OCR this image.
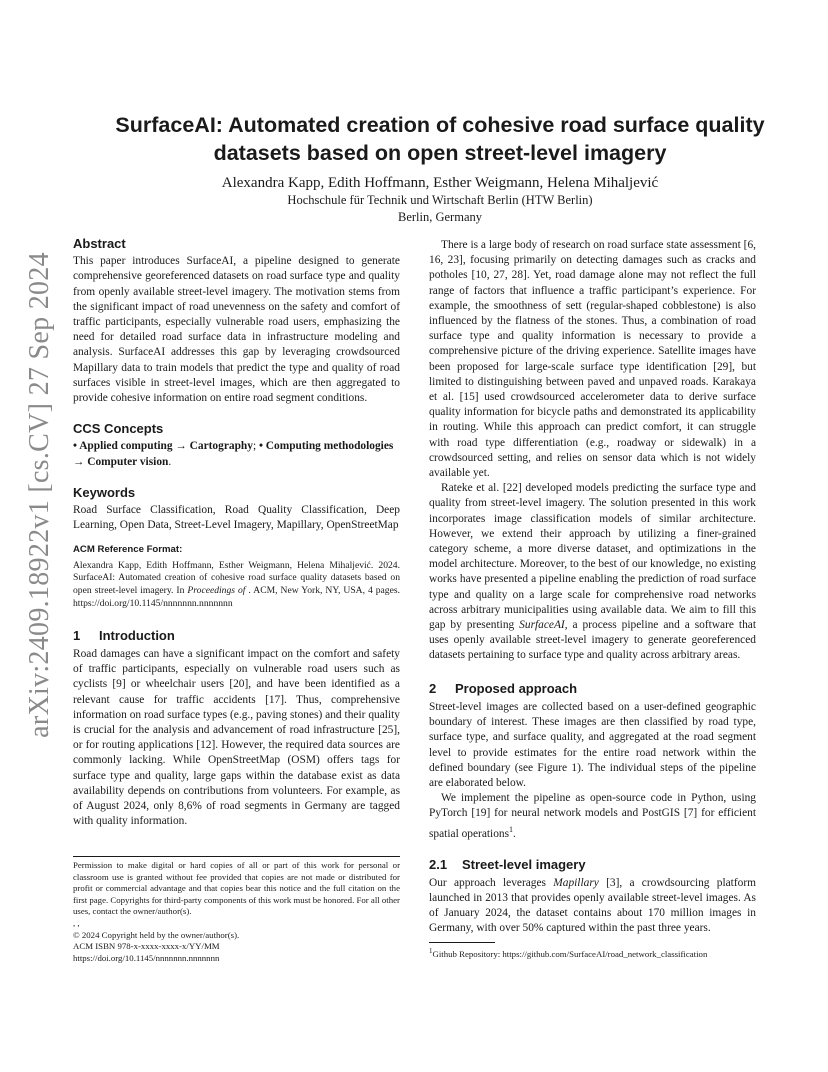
arXiv:2409.18922v1 [cs.CV] 27 Sep 2024
SurfaceAI: Automated creation of cohesive road surface quality
datasets based on open street-level imagery

Alexandra Kapp, Edith Hoffmann, Esther Weigmann, Helena Mihaljević

Hochschule für Technik und Wirtschaft Berlin (HTW Berlin)

Berlin, Germany

Abstract

This paper introduces SurfaceAI, a pipeline designed to generate comprehensive georeferenced datasets on road surface type and quality from openly available street-level imagery. The motivation stems from the significant impact of road unevenness on the safety and comfort of traffic participants, especially vulnerable road users, emphasizing the need for detailed road surface data in infrastructure modeling and analysis. SurfaceAI addresses this gap by leveraging crowdsourced Mapillary data to train models that predict the type and quality of road surfaces visible in street-level images, which are then aggregated to provide cohesive information on entire road segment conditions.

CCS Concepts

• Applied computing → Cartography; • Computing methodologies → Computer vision.

Keywords

Road Surface Classification, Road Quality Classification, Deep Learning, Open Data, Street-Level Imagery, Mapillary, OpenStreetMap

ACM Reference Format:

Alexandra Kapp, Edith Hoffmann, Esther Weigmann, Helena Mihaljević. 2024. SurfaceAI: Automated creation of cohesive road surface quality datasets based on open street-level imagery. In Proceedings of . ACM, New York, NY, USA, 4 pages. https://doi.org/10.1145/nnnnnnn.nnnnnnn

1 Introduction

Road damages can have a significant impact on the comfort and safety of traffic participants, especially on vulnerable road users such as cyclists [9] or wheelchair users [20], and have been identified as a relevant cause for traffic accidents [17]. Thus, comprehensive information on road surface types (e.g., paving stones) and their quality is crucial for the analysis and advancement of road infrastructure [25], or for routing applications [12]. However, the required data sources are commonly lacking. While OpenStreetMap (OSM) offers tags for surface type and quality, large gaps within the database exist as data availability depends on contributions from volunteers. For example, as of August 2024, only 8,6% of road segments in Germany are tagged with quality information.

Permission to make digital or hard copies of all or part of this work for personal or classroom use is granted without fee provided that copies are not made or distributed for profit or commercial advantage and that copies bear this notice and the full citation on the first page. Copyrights for third-party components of this work must be honored. For all other uses, contact the owner/author(s).

, ,

© 2024 Copyright held by the owner/author(s).

ACM ISBN 978-x-xxxx-xxxx-x/YY/MM

https://doi.org/10.1145/nnnnnnn.nnnnnnn

There is a large body of research on road surface state assessment [6, 16, 23], focusing primarily on detecting damages such as cracks and potholes [10, 27, 28]. Yet, road damage alone may not reflect the full range of factors that influence a traffic participant’s experience. For example, the smoothness of sett (regular-shaped cobblestone) is also influenced by the flatness of the stones. Thus, a combination of road surface type and quality information is necessary to provide a comprehensive picture of the driving experience. Satellite images have been proposed for large-scale surface type identification [29], but limited to distinguishing between paved and unpaved roads. Karakaya et al. [15] used crowdsourced accelerometer data to derive surface quality information for bicycle paths and demonstrated its applicability in routing. While this approach can predict comfort, it can struggle with road type differentiation (e.g., roadway or sidewalk) in a crowdsourced setting, and relies on sensor data which is not widely available yet.

Rateke et al. [22] developed models predicting the surface type and quality from street-level imagery. The solution presented in this work incorporates image classification models of similar architecture. However, we extend their approach by utilizing a finer-grained category scheme, a more diverse dataset, and optimizations in the model architecture. Moreover, to the best of our knowledge, no existing works have presented a pipeline enabling the prediction of road surface type and quality on a large scale for comprehensive road networks across arbitrary municipalities using available data. We aim to fill this gap by presenting SurfaceAI, a process pipeline and a software that uses openly available street-level imagery to generate georeferenced datasets pertaining to surface type and quality across arbitrary areas.

2 Proposed approach

Street-level images are collected based on a user-defined geographic boundary of interest. These images are then classified by road type, surface type, and surface quality, and aggregated at the road segment level to provide estimates for the entire road network within the defined boundary (see Figure 1). The individual steps of the pipeline are elaborated below.

We implement the pipeline as open-source code in Python, using PyTorch [19] for neural network models and PostGIS [7] for efficient spatial operations$^1$.

2.1 Street-level imagery

Our approach leverages Mapillary [3], a crowdsourcing platform launched in 2013 that provides openly available street-level images. As of January 2024, the dataset contains about 170 million images in Germany, with over 50% captured within the past three years.

$^1$Github Repository: https://github.com/SurfaceAI/road_network_classification
